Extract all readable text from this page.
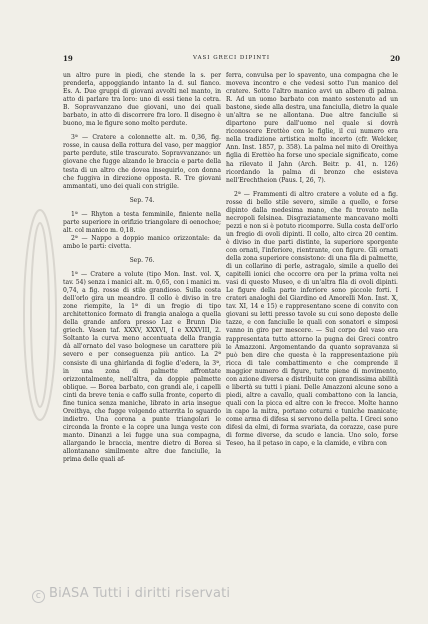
19	VASI GRECI DIPINTI	20

un altro pure in piedi, che stende la s. per prenderla, appoggiando intanto la d. sul fianco. Es. A. Due gruppi di giovani avvolti nel manto, in atto di parlare tra loro: uno di essi tiene la cetra. B. Sopravvanzano due giovani, uno dei quali barbato, in atto di discorrere fra loro. Il disegno è buono, ma le figure sono molto perdute.

3ª — Cratere a colonnette alt. m. 0,36, fig. rosse, in causa della rottura del vaso, per maggior parte perdute, stile trascurato. Sopravvanzano: un giovane che fugge alzando le braccia e parte della testa di un altro che dovea inseguirlo, con donna che fuggiva in direzione opposta. R. Tre giovani ammantati, uno dei quali con strigile.

Sep. 74.

1ª — Rhyton a testa femminile, finiente nella parte superiore in orifizio triangolare di oenochoe; alt. col manico m. 0,18.

2ª — Nappo a doppio manico orizzontale: da ambo le parti: civetta.

Sep. 76.

1ª — Cratere a volute (tipo Mon. Inst. vol. X, tav. 54) senza i manici alt. m. 0,65, con i manici m. 0,74, a fig. rosse di stile grandioso. Sulla costa dell'orlo gira un meandro. Il collo è diviso in tre zone riempite, la 1ª di un fregio di tipo architettonico formato di frangia analoga a quella della grande anfora presso Laz e Brunn Die griech. Vasen taf. XXXV, XXXVI, I e XXXVIII, 2. Soltanto la curva meno accentuata della frangia dà all'ornato del vaso bolognese un carattere più severo e per conseguenza più antico. La 2ª consiste di una ghirlanda di foglie d'edera, la 3ª, in una zona di palmette affrontate orizzontalmente, nell'altra, da doppie palmette oblique. — Borea barbato, con grandi ale, i capelli cinti da breve tenia e caffo sulla fronte, coperto di fine tunica senza maniche, librato in aria insegue Oreithya, che fugge volgendo atterrita lo sguardo indietro. Una corona a punte triangolari le circonda la fronte e la copre una lunga veste con manto. Dinanzi a lei fugge una sua compagna, allargando le braccia, mentre dietro di Borea si allontanano similmente altre due fanciulle, la prima delle quali af-

ferra, convulsa per lo spavento, una compagna che le moveva incontro e che vedesi sotto l'un manico del cratere. Sotto l'altro manico avvi un albero di palma. R. Ad un uomo barbato con manto sostenuto ad un bastone, siede alla destra, una fanciulla, dietro la quale un'altra se ne allontana. Due altre fanciulle si dipartono pure dall'uomo nel quale si dovrà riconoscere Erettèo con le figlie, il cui numero era nella tradizione artistica molto incerto (cfr. Welcker, Ann. Inst. 1857, p. 358). La palma nel mito di Oreithya figlia di Erettèo ha forse uno speciale significato, come ha rilevato il Jahn (Arch. Beitr. p. 41, n. 126) ricordando la palma di bronzo che esisteva nell'Erechtheion (Paus. I, 26, 7).

2ª — Frammenti di altro cratere a volute ed a fig. rosse di bello stile severo, simile a quello, e forse dipinto dalla medesima mano, che fu trovato nella necropoli felsinea. Disgraziatamente mancavano molti pezzi e non si è potuto ricomporre. Sulla costa dell'orlo un fregio di ovoli dipinti. Il collo, alto circa 20 centim. è diviso in due parti distinte, la superiore sporgente con ornati, l'inferiore, rientrante, con figure. Gli ornati della zona superiore consistono: di una fila di palmette, di un collarino di perle, astragalo, simile a quello dei capitelli ionici che occorre ora per la prima volta nei vasi di questo Museo, e di un'altra fila di ovoli dipinti. Le figure della parte inferiore sono piccole forti. I crateri analoghi del Giardino ed Amorelli Mon. Inst. X, tav. XI, 14 e 15) e rappresentano scene di convito con giovani su letti presso tavole su cui sono deposte delle tazze, e con fanciulle le quali con sonatori e simposi vanno in giro per mescere. — Sul corpo del vaso era rappresentata tutto attorno la pugna dei Greci contro le Amazzoni. Argomentando da quanto sopravanza si può ben dire che questa è la rappresentazione più ricca di tale combattimento e che comprende il maggior numero di figure, tutte piene di movimento, con azione diversa e distribuite con grandissima abilità e libertà su tutti i piani. Delle Amazzoni alcune sono a piedi, altre a cavallo, quali combattono con la lancia, quali con la picca ed altre con le frecce. Molte hanno in capo la mitra, portano coturni e tuniche manicate; come arma di difesa si servono della pelta. I Greci sono difesi da elmi, di forma svariata, da corazze, case pure di forme diverse, da scudo e lancia. Uno solo, forse Teseo, ha il petaso in capo, e la clamide, e vibra con

c BiASA Tutti i diritti riservati
